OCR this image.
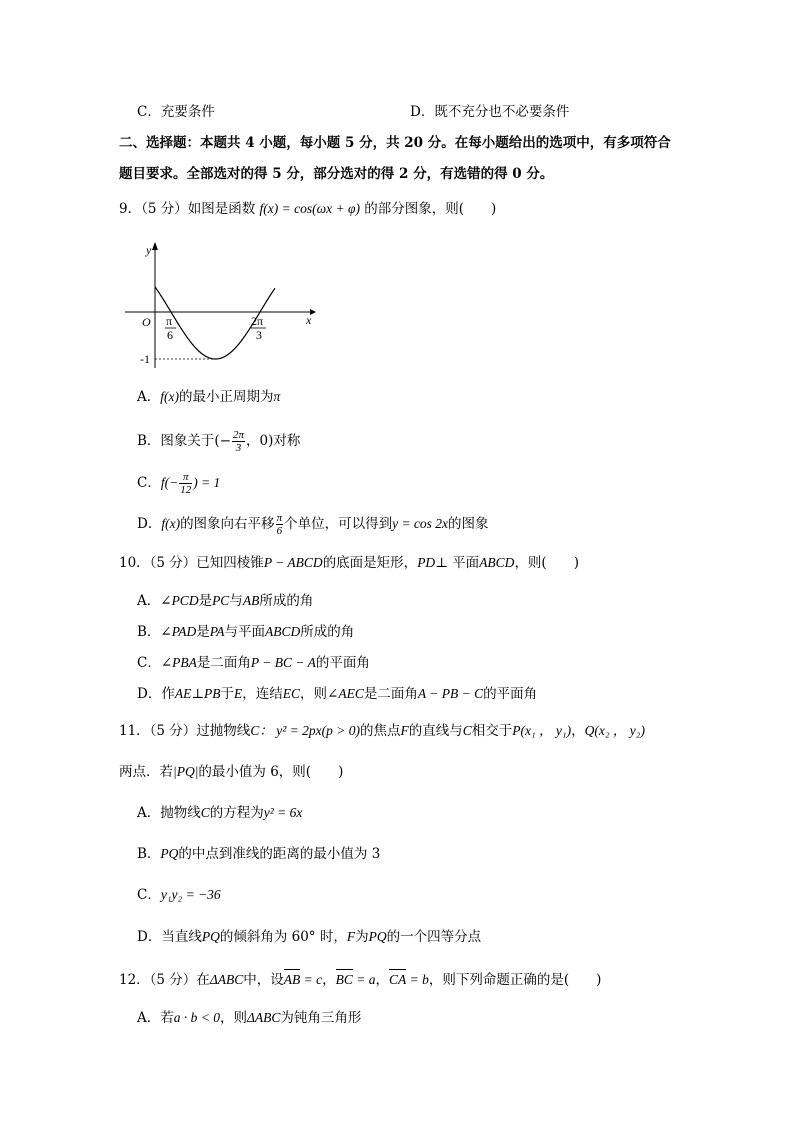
C．充要条件	D．既不充分也不必要条件
二、选择题：本题共 4 小题，每小题 5 分，共 20 分。在每小题给出的选项中，有多项符合
题目要求。全部选对的得 5 分，部分选对的得 2 分，有选错的得 0 分。
9．（5 分）如图是函数 f(x) = cos(ωx + φ) 的部分图象，则(　　)
y
x
O π
6
2π
3
-1
A．f(x)的最小正周期为π
B．图象关于(− $\frac{2\pi}{3}$ ，0)对称
C．$f(- \frac{\pi}{12}$ ) = 1
D．f(x)的图象向右平移 $\frac{\pi}{6}$ 个单位，可以得到y = cos 2x的图象
10．（5 分）已知四棱锥P − ABCD的底面是矩形，PD⊥ 平面ABCD，则(　　)
A．∠PCD是PC与AB所成的角
B．∠PAD是PA与平面ABCD所成的角
C．∠PBA是二面角P − BC − A的平面角
D．作AE⊥PB于E，连结EC，则∠AEC是二面角A − PB − C的平面角
11．（5 分）过抛物线C： y² = 2px(p > 0)的焦点F的直线与C相交于P(x₁ ， y₁)，Q(x₂ ， y₂)
两点．若|PQ|的最小值为 6，则(　　)
A．抛物线C的方程为y² = 6x
B．PQ的中点到准线的距离的最小值为 3
C．y₁y₂ = −36
D．当直线PQ的倾斜角为 60° 时，F为PQ的一个四等分点
12．（5 分）在ΔABC中，设AB = c，BC = a，CA = b，则下列命题正确的是(　　)
A．若a · b < 0，则ΔABC为钝角三角形
